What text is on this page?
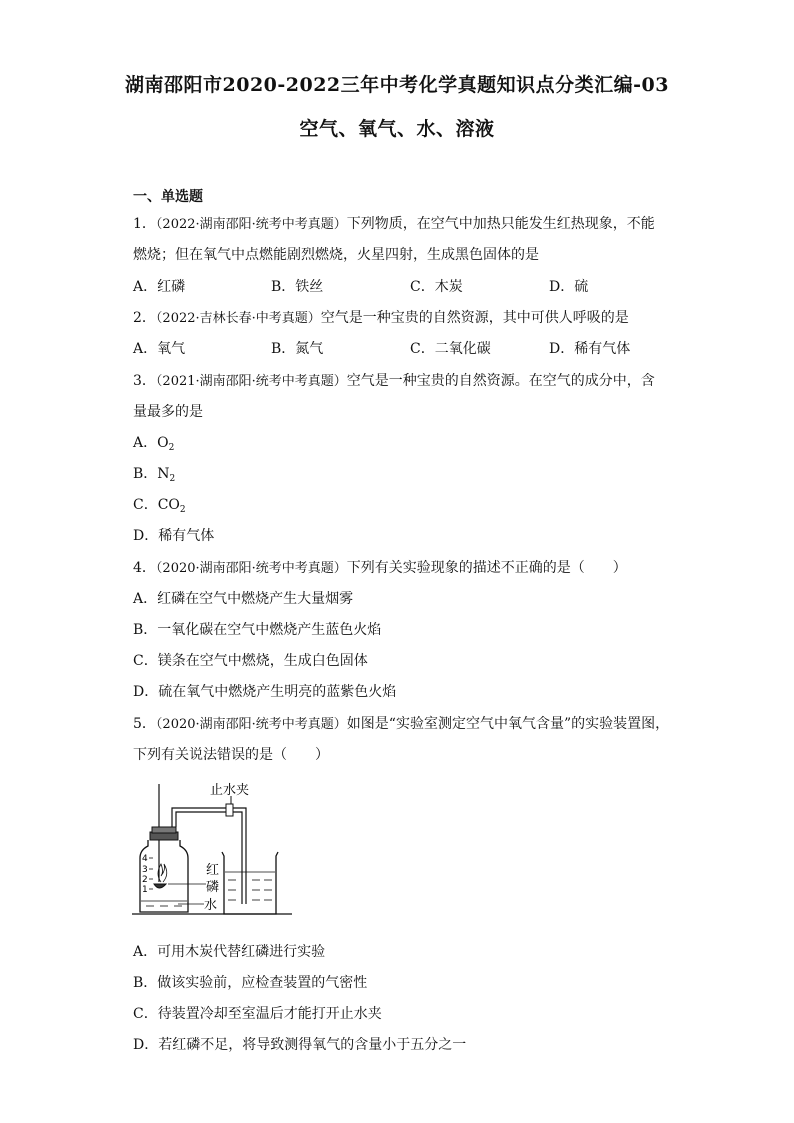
湖南邵阳市2020-2022三年中考化学真题知识点分类汇编-03
空气、氧气、水、溶液
一、单选题
1．（2022·湖南邵阳·统考中考真题）下列物质，在空气中加热只能发生红热现象，不能
燃烧；但在氧气中点燃能剧烈燃烧，火星四射，生成黑色固体的是
A．红磷	B．铁丝	C．木炭	D．硫
2．（2022·吉林长春·中考真题）空气是一种宝贵的自然资源，其中可供人呼吸的是
A．氧气	B．氮气	C．二氧化碳	D．稀有气体
3．（2021·湖南邵阳·统考中考真题）空气是一种宝贵的自然资源。在空气的成分中，含
量最多的是
A．$O_2$
B．$N_2$
C．$CO_2$
D．稀有气体
4．（2020·湖南邵阳·统考中考真题）下列有关实验现象的描述不正确的是（　　）
A．红磷在空气中燃烧产生大量烟雾
B．一氧化碳在空气中燃烧产生蓝色火焰
C．镁条在空气中燃烧，生成白色固体
D．硫在氧气中燃烧产生明亮的蓝紫色火焰
5．（2020·湖南邵阳·统考中考真题）如图是“实验室测定空气中氧气含量”的实验装置图，
下列有关说法错误的是（　　）
4
3
2
1
止水夹
红
磷
水
A．可用木炭代替红磷进行实验
B．做该实验前，应检查装置的气密性
C．待装置冷却至室温后才能打开止水夹
D．若红磷不足，将导致测得氧气的含量小于五分之一
